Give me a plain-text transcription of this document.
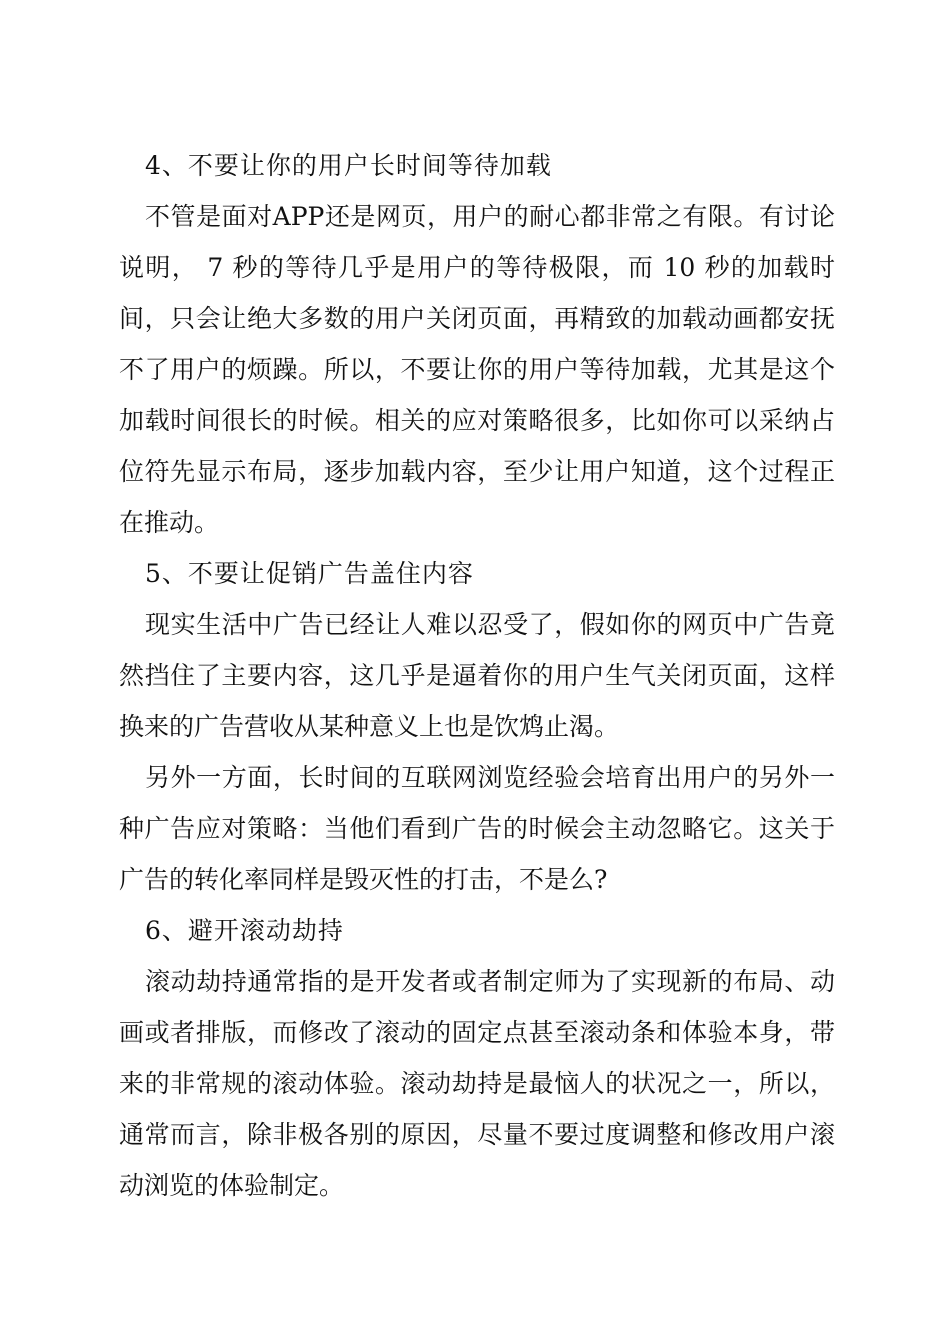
4、不要让你的用户长时间等待加载

不管是面对APP还是网页，用户的耐心都非常之有限。有讨论说明， 7 秒的等待几乎是用户的等待极限，而 10 秒的加载时间，只会让绝大多数的用户关闭页面，再精致的加载动画都安抚不了用户的烦躁。所以，不要让你的用户等待加载，尤其是这个加载时间很长的时候。相关的应对策略很多，比如你可以采纳占位符先显示布局，逐步加载内容，至少让用户知道，这个过程正在推动。

5、不要让促销广告盖住内容

现实生活中广告已经让人难以忍受了，假如你的网页中广告竟然挡住了主要内容，这几乎是逼着你的用户生气关闭页面，这样换来的广告营收从某种意义上也是饮鸩止渴。

另外一方面，长时间的互联网浏览经验会培育出用户的另外一种广告应对策略：当他们看到广告的时候会主动忽略它。这关于广告的转化率同样是毁灭性的打击，不是么?

6、避开滚动劫持

滚动劫持通常指的是开发者或者制定师为了实现新的布局、动画或者排版，而修改了滚动的固定点甚至滚动条和体验本身，带来的非常规的滚动体验。滚动劫持是最恼人的状况之一，所以，通常而言，除非极各别的原因，尽量不要过度调整和修改用户滚动浏览的体验制定。
